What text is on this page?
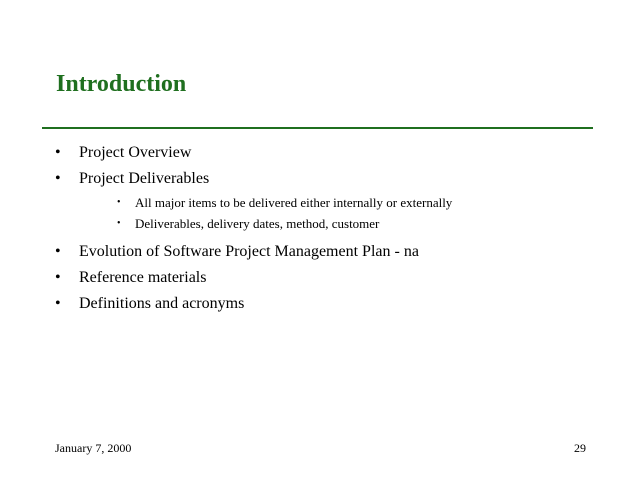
Introduction
• Project Overview
• Project Deliverables
• All major items to be delivered either internally or externally
• Deliverables, delivery dates, method, customer
• Evolution of Software Project Management Plan - na
• Reference materials
• Definitions and acronyms
January 7, 2000	29
